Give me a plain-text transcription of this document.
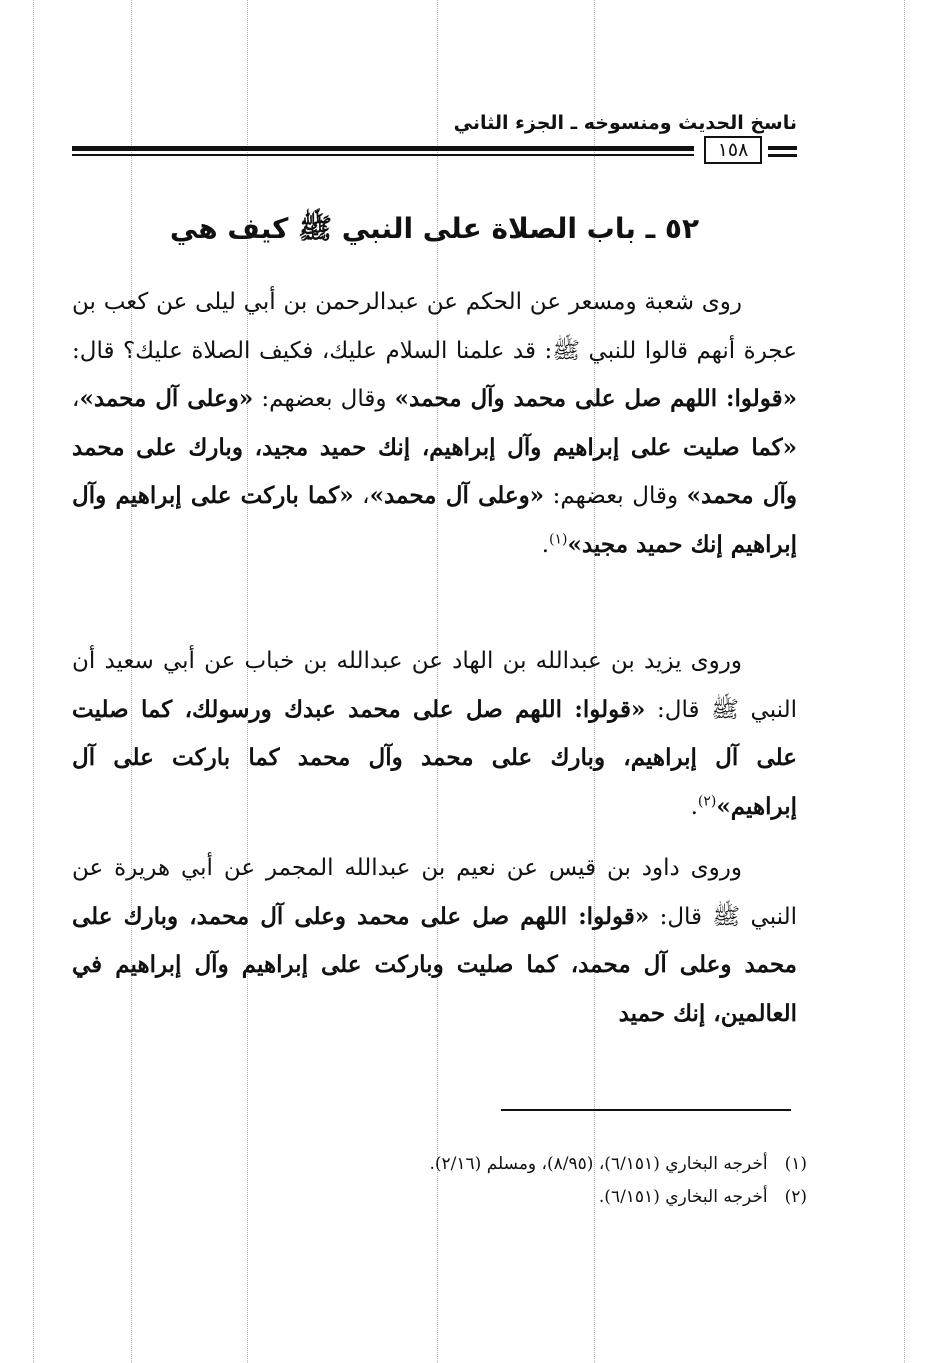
ناسخ الحديث ومنسوخه ـ الجزء الثاني
١٥٨
٥٢ ـ باب الصلاة على النبي ﷺ كيف هي

روى شعبة ومسعر عن الحكم عن عبدالرحمن بن أبي ليلى عن كعب بن عجرة أنهم قالوا للنبي ﷺ: قد علمنا السلام عليك، فكيف الصلاة عليك؟ قال: «قولوا: اللهم صل على محمد وآل محمد» وقال بعضهم: «وعلى آل محمد»، «كما صليت على إبراهيم وآل إبراهيم، إنك حميد مجيد، وبارك على محمد وآل محمد» وقال بعضهم: «وعلى آل محمد»، «كما باركت على إبراهيم وآل إبراهيم إنك حميد مجيد»$^{(١)}$.

وروى يزيد بن عبدالله بن الهاد عن عبدالله بن خباب عن أبي سعيد أن النبي ﷺ قال: «قولوا: اللهم صل على محمد عبدك ورسولك، كما صليت على آل إبراهيم، وبارك على محمد وآل محمد كما باركت على آل إبراهيم»$^{(٢)}$.

وروى داود بن قيس عن نعيم بن عبدالله المجمر عن أبي هريرة عن النبي ﷺ قال: «قولوا: اللهم صل على محمد وعلى آل محمد، وبارك على محمد وعلى آل محمد، كما صليت وباركت على إبراهيم وآل إبراهيم في العالمين، إنك حميد

(١) أخرجه البخاري (٦/١٥١)، (٨/٩٥)، ومسلم (٢/١٦).
(٢) أخرجه البخاري (٦/١٥١).
